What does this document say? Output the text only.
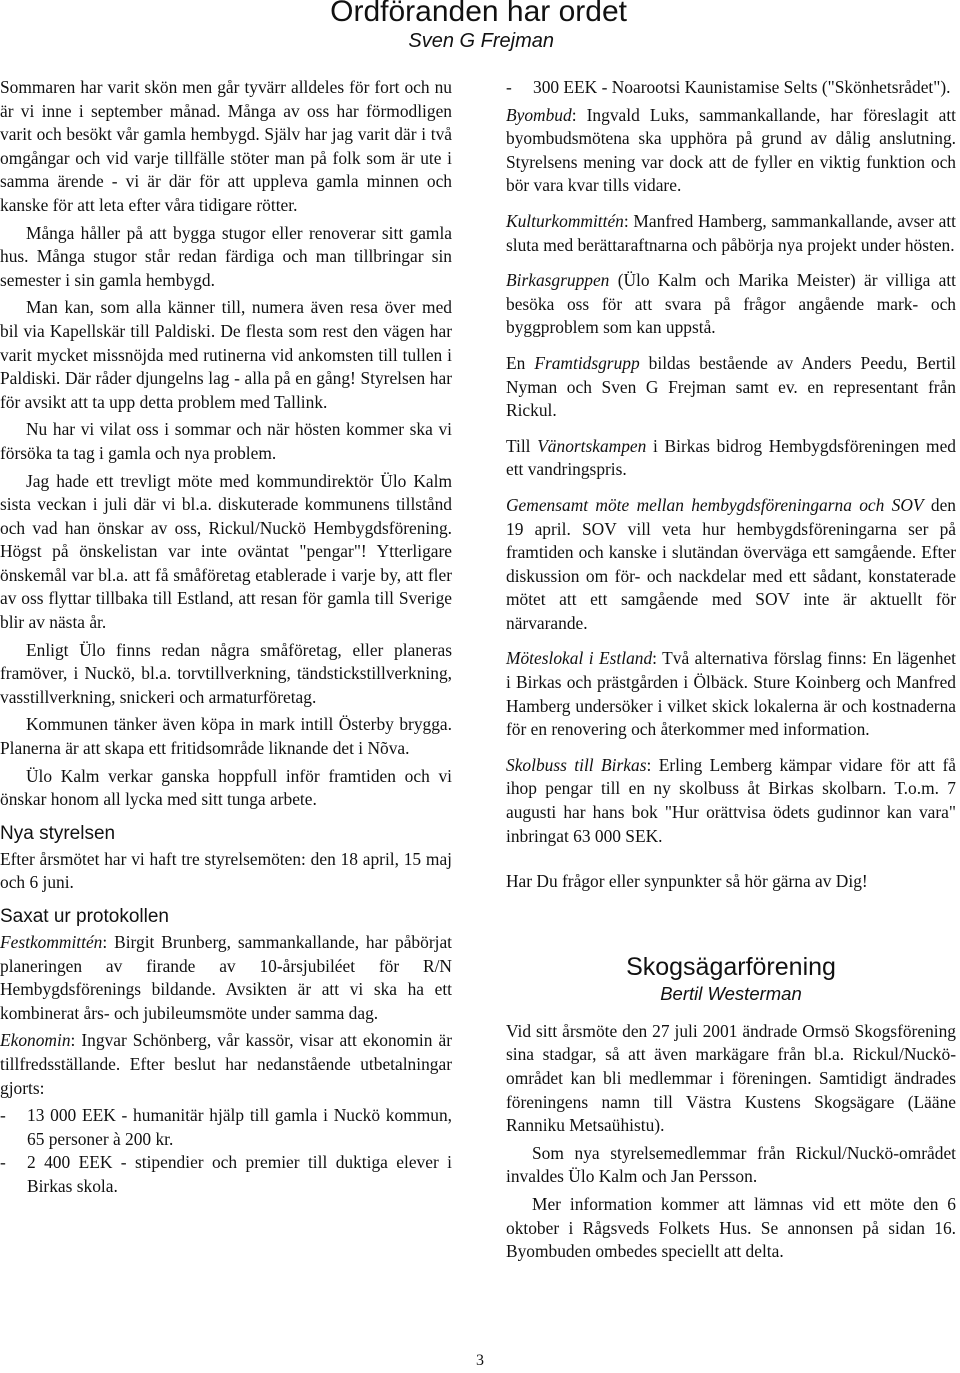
Ordföranden har ordet
Sven G Frejman

Sommaren har varit skön men går tyvärr alldeles för fort och nu är vi inne i september månad. Många av oss har förmodligen varit och besökt vår gamla hembygd. Själv har jag varit där i två omgångar och vid varje tillfälle stöter man på folk som är ute i samma ärende - vi är där för att uppleva gamla minnen och kanske för att leta efter våra tidigare rötter.

Många håller på att bygga stugor eller renoverar sitt gamla hus. Många stugor står redan färdiga och man tillbringar sin semester i sin gamla hembygd.

Man kan, som alla känner till, numera även resa över med bil via Kapellskär till Paldiski. De flesta som rest den vägen har varit mycket missnöjda med rutinerna vid ankomsten till tullen i Paldiski. Där råder djungelns lag - alla på en gång! Styrelsen har för avsikt att ta upp detta problem med Tallink.

Nu har vi vilat oss i sommar och när hösten kommer ska vi försöka ta tag i gamla och nya problem.

Jag hade ett trevligt möte med kommundirektör Ülo Kalm sista veckan i juli där vi bl.a. diskuterade kommunens tillstånd och vad han önskar av oss, Rickul/Nuckö Hembygdsförening. Högst på önskelistan var inte oväntat "pengar"! Ytterligare önskemål var bl.a. att få småföretag etablerade i varje by, att fler av oss flyttar tillbaka till Estland, att resan för gamla till Sverige blir av nästa år.

Enligt Ülo finns redan några småföretag, eller planeras framöver, i Nuckö, bl.a. torvtillverkning, tändstickstillverkning, vasstillverkning, snickeri och armaturföretag.

Kommunen tänker även köpa in mark intill Österby brygga. Planerna är att skapa ett fritidsområde liknande det i Nõva.

Ülo Kalm verkar ganska hoppfull inför framtiden och vi önskar honom all lycka med sitt tunga arbete.

Nya styrelsen

Efter årsmötet har vi haft tre styrelsemöten: den 18 april, 15 maj och 6 juni.

Saxat ur protokollen

Festkommittén: Birgit Brunberg, sammankallande, har påbörjat planeringen av firande av 10-årsjubiléet för R/N Hembygdsförenings bildande. Avsikten är att vi ska ha ett kombinerat års- och jubileumsmöte under samma dag.

Ekonomin: Ingvar Schönberg, vår kassör, visar att ekonomin är tillfredsställande. Efter beslut har nedanstående utbetalningar gjorts:

-	13 000 EEK - humanitär hjälp till gamla i Nuckö kommun, 65 personer à 200 kr.
-	2 400 EEK - stipendier och premier till duktiga elever i Birkas skola.
-	300 EEK - Noarootsi Kaunistamise Selts ("Skönhetsrådet").

Byombud: Ingvald Luks, sammankallande, har föreslagit att byombudsmötena ska upphöra på grund av dålig anslutning. Styrelsens mening var dock att de fyller en viktig funktion och bör vara kvar tills vidare.

Kulturkommittén: Manfred Hamberg, sammankallande, avser att sluta med berättaraftnarna och påbörja nya projekt under hösten.

Birkasgruppen (Ülo Kalm och Marika Meister) är villiga att besöka oss för att svara på frågor angående mark- och byggproblem som kan uppstå.

En Framtidsgrupp bildas bestående av Anders Peedu, Bertil Nyman och Sven G Frejman samt ev. en representant från Rickul.

Till Vänortskampen i Birkas bidrog Hembygdsföreningen med ett vandringspris.

Gemensamt möte mellan hembygdsföreningarna och SOV den 19 april. SOV vill veta hur hembygdsföreningarna ser på framtiden och kanske i slutändan överväga ett samgående. Efter diskussion om för- och nackdelar med ett sådant, konstaterade mötet att ett samgående med SOV inte är aktuellt för närvarande.

Möteslokal i Estland: Två alternativa förslag finns: En lägenhet i Birkas och prästgården i Ölbäck. Sture Koinberg och Manfred Hamberg undersöker i vilket skick lokalerna är och kostnaderna för en renovering och återkommer med information.

Skolbuss till Birkas: Erling Lemberg kämpar vidare för att få ihop pengar till en ny skolbuss åt Birkas skolbarn. T.o.m. 7 augusti har hans bok "Hur orättvisa ödets gudinnor kan vara" inbringat 63 000 SEK.

Har Du frågor eller synpunkter så hör gärna av Dig!

Skogsägarförening
Bertil Westerman

Vid sitt årsmöte den 27 juli 2001 ändrade Ormsö Skogsförening sina stadgar, så att även markägare från bl.a. Rickul/Nuckö-området kan bli medlemmar i föreningen. Samtidigt ändrades föreningens namn till Västra Kustens Skogsägare (Lääne Ranniku Metsaühistu).

Som nya styrelsemedlemmar från Rickul/Nuckö-området invaldes Ülo Kalm och Jan Persson.

Mer information kommer att lämnas vid ett möte den 6 oktober i Rågsveds Folkets Hus. Se annonsen på sidan 16. Byombuden ombedes speciellt att delta.

3
